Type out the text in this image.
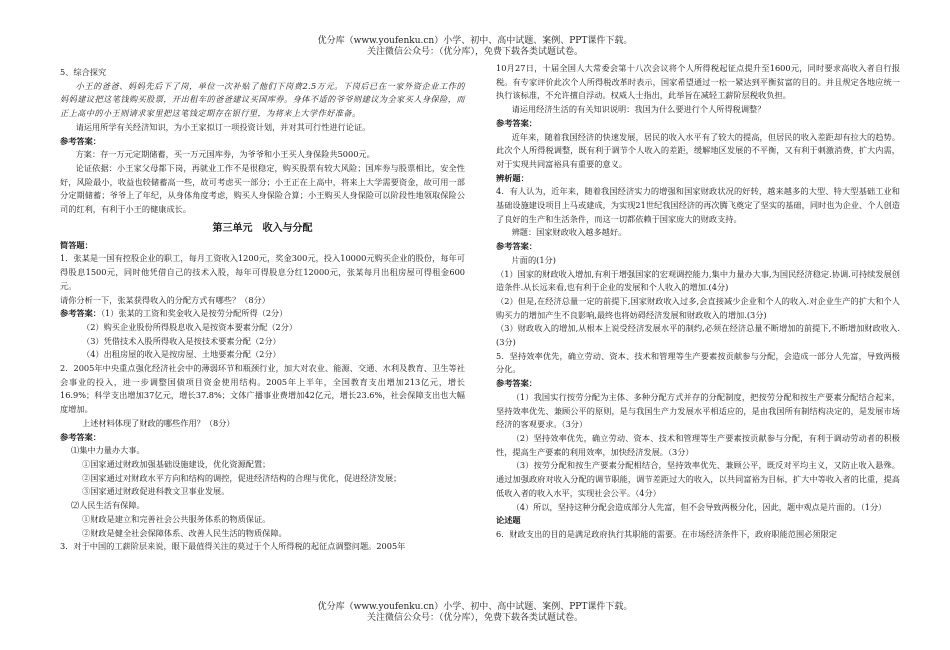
优分库（www.youfenku.cn）小学、初中、高中试题、案例、PPT课件下载。
关注微信公众号：（优分库），免费下载各类试题试卷。

5、综合探究

小王的爸爸、妈妈先后下了岗，单位一次补贴了他们下岗费2.5万元。下岗后已在一家外资企业工作的妈妈建议把这笔钱购买股票，开出租车的爸爸建议买国库券。身体不适的爷爷则建议为全家买人身保险，而正上高中的小王则请求家里把这笔钱定期存在银行里，为将来上大学作好准备。

请运用所学有关经济知识，为小王家拟订一项投资计划，并对其可行性进行论证。

参考答案：

方案：存一万元定期储蓄，买一万元国库券，为爷爷和小王买人身保险共5000元。

论证依据：小王家父母都下岗，再就业工作不是很稳定，购买股票有较大风险；国库券与股票相比，安全性好，风险最小，收益也较储蓄高一些，故可考虑买一部分；小王正在上高中，将来上大学需要资金，故可用一部分定期储蓄；爷爷上了年纪，从身体角度考虑，购买人身保险合算；小王购买人身保险可以阶段性地领取保险公司的红利，有利于小王的健康成长。

第三单元　收入与分配

简答题：

1．张某是一国有控股企业的职工，每月工资收入1200元，奖金300元，投入10000元购买企业的股份，每年可得股息1500元，同时他凭借自己的技术入股，每年可得股息分红12000元，张某每月出租房屋可得租金600元。

请你分析一下，张某获得收入的分配方式有哪些？（8分）

参考答案：（1）张某的工资和奖金收入是按劳分配所得（2分）

（2）购买企业股份所得股息收入是按资本要素分配（2分）

（3）凭借技术入股所得收入是按技术要素分配（2分）

（4）出租房屋的收入是按房屋、土地要素分配（2分）

2．2005年中央重点强化经济社会中的薄弱环节和瓶颈行业，加大对农业、能源、交通、水利及教育、卫生等社会事业的投入，进一步调整国债项目资金使用结构。2005年上半年，全国教育支出增加213亿元，增长16.9%；科学支出增加37亿元，增长37.8%；文体广播事业费增加42亿元，增长23.6%，社会保障支出也大幅度增加。

上述材料体现了财政的哪些作用？（8分）

参考答案：

⑴集中力量办大事。

①国家通过财政加强基础设施建设，优化资源配置；

②国家通过对财政水平方向和结构的调控，促进经济结构的合理与优化，促进经济发展；

③国家通过财政促进科教文卫事业发展。

⑵人民生活有保障。

①财政是建立和完善社会公共服务体系的物质保证。

②财政是健全社会保障体系、改善人民生活的物质保障。

3．对于中国的工薪阶层来说，眼下最值得关注的莫过于个人所得税的起征点调整问题。2005年

10月27日，十届全国人大常委会第十八次会议将个人所得税起征点提升至1600元，同时要求高收入者自行报税。有专家评价此次个人所得税改革时表示，国家希望通过一松一紧达到平衡贫富的目的。并且规定各地应统一执行该标准，不允许擅自浮动。权威人士指出，此举旨在减轻工薪阶层税收负担。

请运用经济生活的有关知识说明：我国为什么要进行个人所得税调整？

参考答案：

近年来，随着我国经济的快速发展，居民的收入水平有了较大的提高，但居民的收入差距却有拉大的趋势。此次个人所得税调整，既有利于调节个人收入的差距，缓解地区发展的不平衡，又有利于刺激消费，扩大内需，对于实现共同富裕具有重要的意义。

辨析题：

4．有人认为，近年来，随着我国经济实力的增强和国家财政状况的好转，越来越多的大型、特大型基础工业和基础设施建设项目上马或建成，为实现21世纪我国经济的再次腾飞奠定了坚实的基础，同时也为企业、个人创造了良好的生产和生活条件，而这一切都依赖于国家庞大的财政支持。

辨题：国家财政收入越多越好。

参考答案：

片面的(1分)

（1）国家的财政收入增加,有利于增强国家的宏观调控能力,集中力量办大事,为国民经济稳定.协调.可持续发展创造条件.从长远来看,也有利于企业的发展和个人收入的增加.(4分)

（2）但是,在经济总量一定的前提下,国家财政收入过多,会直接减少企业和个人的收入.对企业生产的扩大和个人购买力的增加产生不良影响,最终也将妨碍经济发展和财政收入的增加.(3分)

（3）财政收入的增加,从根本上说受经济发展水平的制约,必须在经济总量不断增加的前提下,不断增加财政收入.(3分)

5．坚持效率优先，确立劳动、资本、技术和管理等生产要素按贡献参与分配，会造成一部分人先富，导致两极分化。

参考答案：

（1）我国实行按劳分配为主体、多种分配方式并存的分配制度，把按劳分配和按生产要素分配结合起来，坚持效率优先、兼顾公平的原则，是与我国生产力发展水平相适应的，是由我国所有制结构决定的，是发展市场经济的客观要求。（3分）

（2）坚持效率优先，确立劳动、资本、技术和管理等生产要素按贡献参与分配，有利于调动劳动者的积极性，提高生产要素的利用效率，加快经济发展。（3分）

（3）按劳分配和按生产要素分配相结合，坚持效率优先、兼顾公平，既反对平均主义，又防止收入悬殊。通过加强政府对收入分配的调节职能，调节差距过大的收入，以共同富裕为目标，扩大中等收入者的比重，提高低收入者的收入水平，实现社会公平。（4分）

（4）所以，坚持这种分配会造成部分人先富，但不会导致两极分化，因此，题中观点是片面的。（1分）

论述题

6．财政支出的目的是满足政府执行其职能的需要。在市场经济条件下，政府职能范围必须限定

优分库（www.youfenku.cn）小学、初中、高中试题、案例、PPT课件下载。
关注微信公众号：（优分库），免费下载各类试题试卷。
